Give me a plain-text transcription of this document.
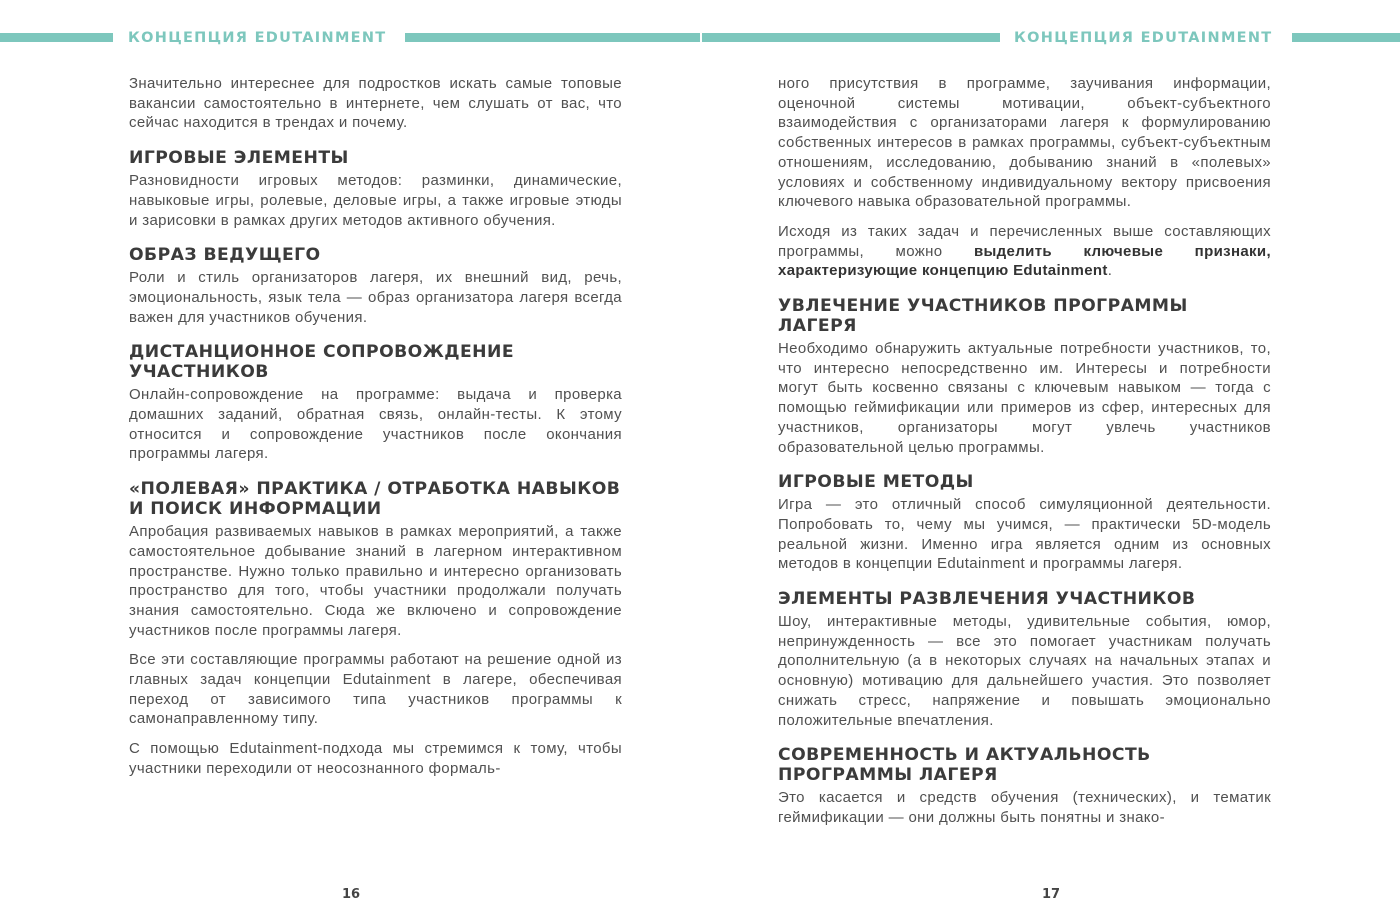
КОНЦЕПЦИЯ EDUTAINMENT

Значительно интереснее для подростков искать самые топовые вакансии самостоятельно в интернете, чем слушать от вас, что сейчас находится в трендах и почему.

ИГРОВЫЕ ЭЛЕМЕНТЫ

Разновидности игровых методов: разминки, динамические, навыковые игры, ролевые, деловые игры, а также игровые этюды и зарисовки в рамках других методов активного обучения.

ОБРАЗ ВЕДУЩЕГО

Роли и стиль организаторов лагеря, их внешний вид, речь, эмоциональность, язык тела — образ организатора лагеря всегда важен для участников обучения.

ДИСТАНЦИОННОЕ СОПРОВОЖДЕНИЕ УЧАСТНИКОВ

Онлайн-сопровождение на программе: выдача и проверка домашних заданий, обратная связь, онлайн-тесты. К этому относится и сопровождение участников после окончания программы лагеря.

«ПОЛЕВАЯ» ПРАКТИКА / ОТРАБОТКА НАВЫКОВ И ПОИСК ИНФОРМАЦИИ

Апробация развиваемых навыков в рамках мероприятий, а также самостоятельное добывание знаний в лагерном интерактивном пространстве. Нужно только правильно и интересно организовать пространство для того, чтобы участники продолжали получать знания самостоятельно. Сюда же включено и сопровождение участников после программы лагеря.

Все эти составляющие программы работают на решение одной из главных задач концепции Edutainment в лагере, обеспечивая переход от зависимого типа участников программы к самонаправленному типу.

С помощью Edutainment-подхода мы стремимся к тому, чтобы участники переходили от неосознанного формаль-

16
КОНЦЕПЦИЯ EDUTAINMENT

ного присутствия в программе, заучивания информации, оценочной системы мотивации, объект-субъектного взаимодействия с организаторами лагеря к формулированию собственных интересов в рамках программы, субъект-субъектным отношениям, исследованию, добыванию знаний в «полевых» условиях и собственному индивидуальному вектору присвоения ключевого навыка образовательной программы.

Исходя из таких задач и перечисленных выше составляющих программы, можно выделить ключевые признаки, характеризующие концепцию Edutainment.

УВЛЕЧЕНИЕ УЧАСТНИКОВ ПРОГРАММЫ ЛАГЕРЯ

Необходимо обнаружить актуальные потребности участников, то, что интересно непосредственно им. Интересы и потребности могут быть косвенно связаны с ключевым навыком — тогда с помощью геймификации или примеров из сфер, интересных для участников, организаторы могут увлечь участников образовательной целью программы.

ИГРОВЫЕ МЕТОДЫ

Игра — это отличный способ симуляционной деятельности. Попробовать то, чему мы учимся, — практически 5D-модель реальной жизни. Именно игра является одним из основных методов в концепции Edutainment и программы лагеря.

ЭЛЕМЕНТЫ РАЗВЛЕЧЕНИЯ УЧАСТНИКОВ

Шоу, интерактивные методы, удивительные события, юмор, непринужденность — все это помогает участникам получать дополнительную (а в некоторых случаях на начальных этапах и основную) мотивацию для дальнейшего участия. Это позволяет снижать стресс, напряжение и повышать эмоционально положительные впечатления.

СОВРЕМЕННОСТЬ И АКТУАЛЬНОСТЬ ПРОГРАММЫ ЛАГЕРЯ

Это касается и средств обучения (технических), и тематик геймификации — они должны быть понятны и знако-

17
